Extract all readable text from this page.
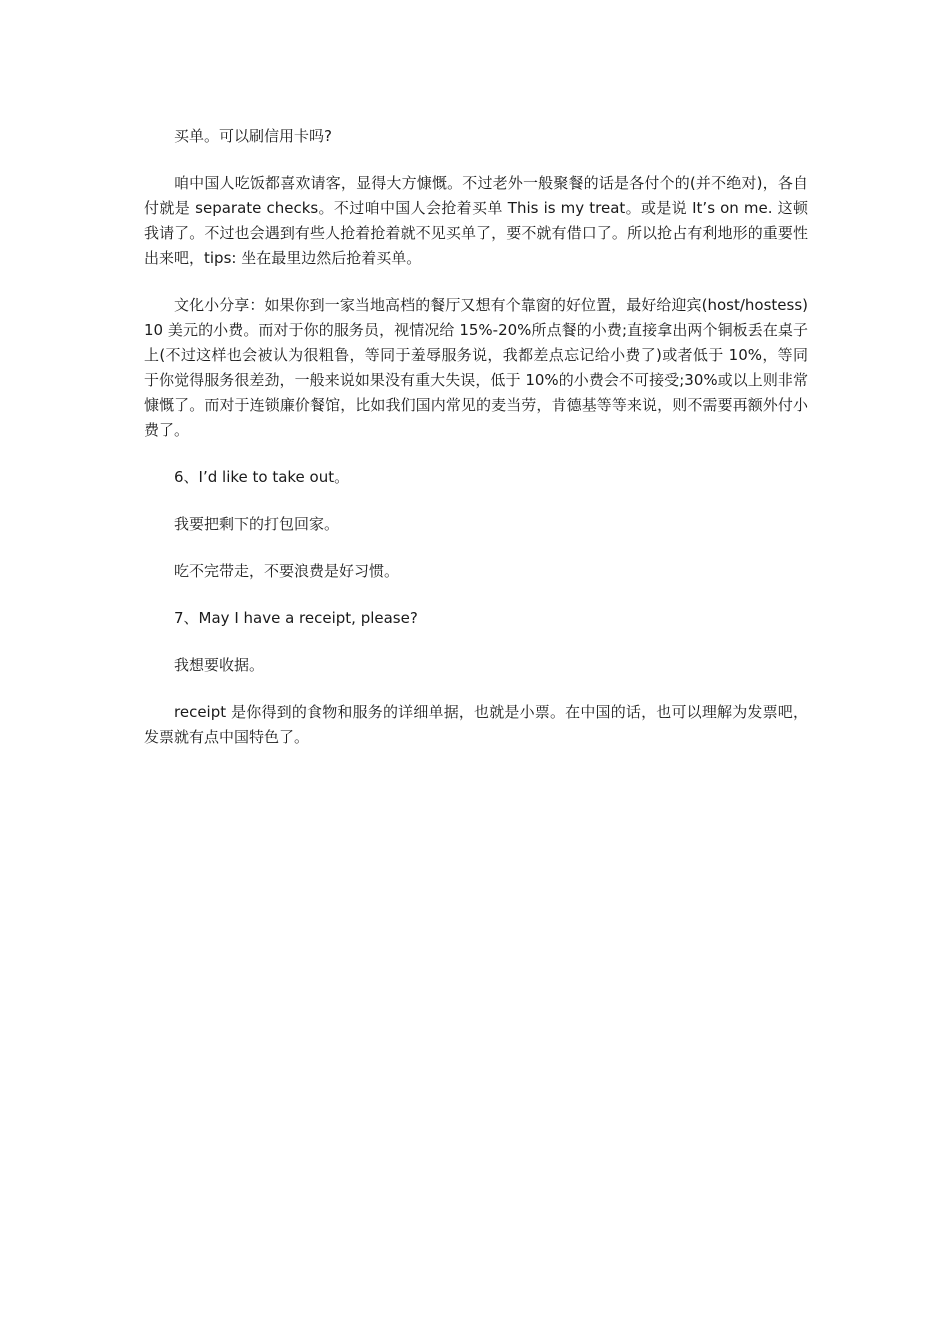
买单。可以刷信用卡吗?

咱中国人吃饭都喜欢请客，显得大方慷慨。不过老外一般聚餐的话是各付个的(并不绝对)，各自付就是 separate checks。不过咱中国人会抢着买单 This is my treat。或是说 It’s on me. 这顿我请了。不过也会遇到有些人抢着抢着就不见买单了，要不就有借口了。所以抢占有利地形的重要性出来吧，tips: 坐在最里边然后抢着买单。

文化小分享：如果你到一家当地高档的餐厅又想有个靠窗的好位置，最好给迎宾(host/hostess) 10 美元的小费。而对于你的服务员，视情况给 15%-20%所点餐的小费;直接拿出两个铜板丢在桌子上(不过这样也会被认为很粗鲁，等同于羞辱服务说，我都差点忘记给小费了)或者低于 10%，等同于你觉得服务很差劲，一般来说如果没有重大失误，低于 10%的小费会不可接受;30%或以上则非常慷慨了。而对于连锁廉价餐馆，比如我们国内常见的麦当劳，肯德基等等来说，则不需要再额外付小费了。

6、I’d like to take out。

我要把剩下的打包回家。

吃不完带走，不要浪费是好习惯。

7、May I have a receipt, please?

我想要收据。

receipt 是你得到的食物和服务的详细单据，也就是小票。在中国的话，也可以理解为发票吧，发票就有点中国特色了。
